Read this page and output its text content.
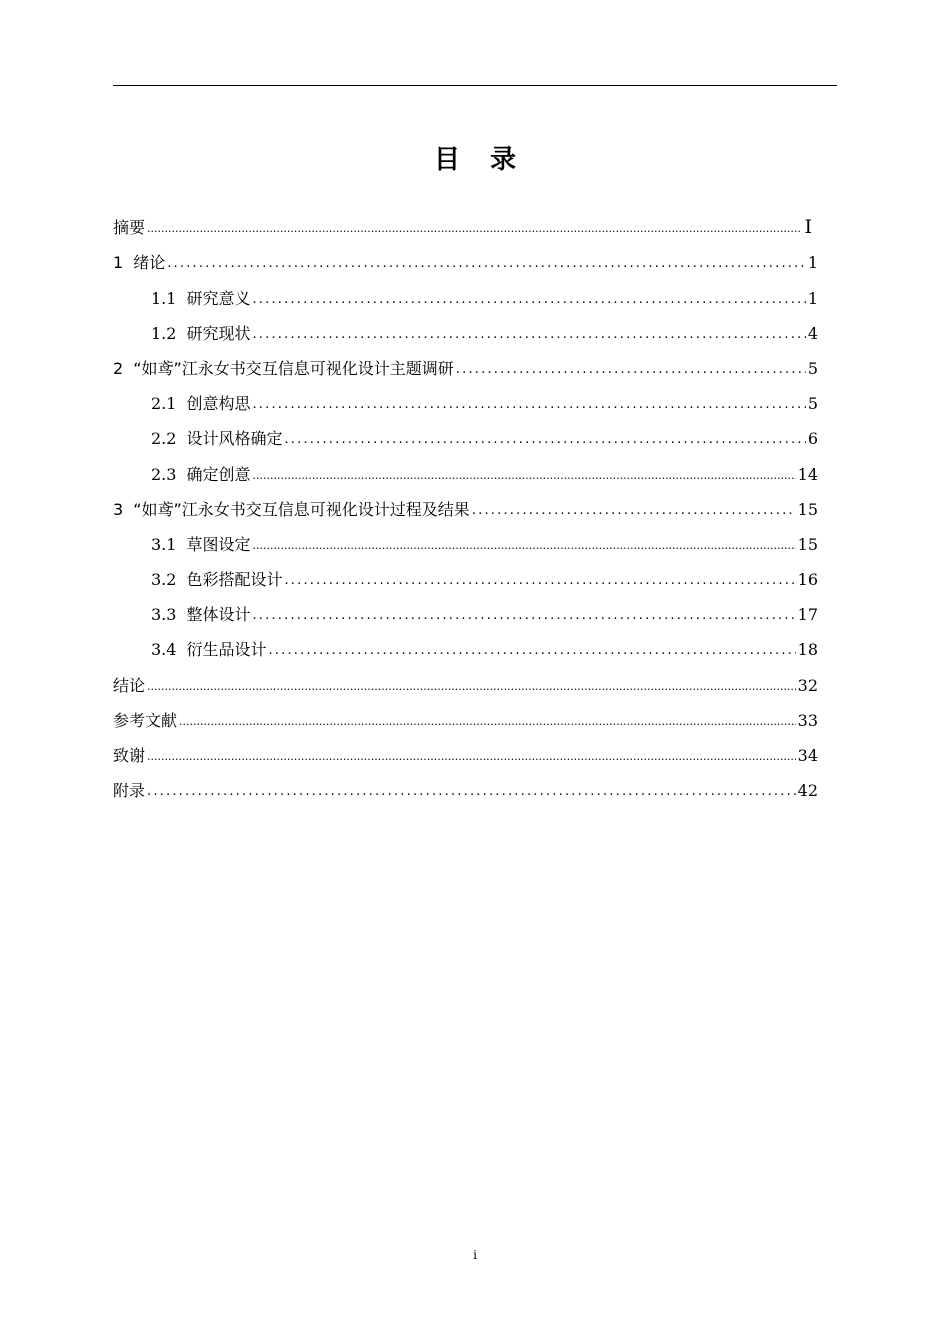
目录
摘要 .....	I
1 绪论 .....	1
1.1 研究意义 .....	1
1.2 研究现状 .....	4
2 “如鸢”江永女书交互信息可视化设计主题调研 .....	5
2.1 创意构思 .....	5
2.2 设计风格确定 .....	6
2.3 确定创意 .....	14
3 “如鸢”江永女书交互信息可视化设计过程及结果 .....	15
3.1 草图设定 .....	15
3.2 色彩搭配设计 .....	16
3.3 整体设计 .....	17
3.4 衍生品设计 .....	18
结论 .....	32
参考文献 .....	33
致谢 .....	34
附录 .....	42
i
